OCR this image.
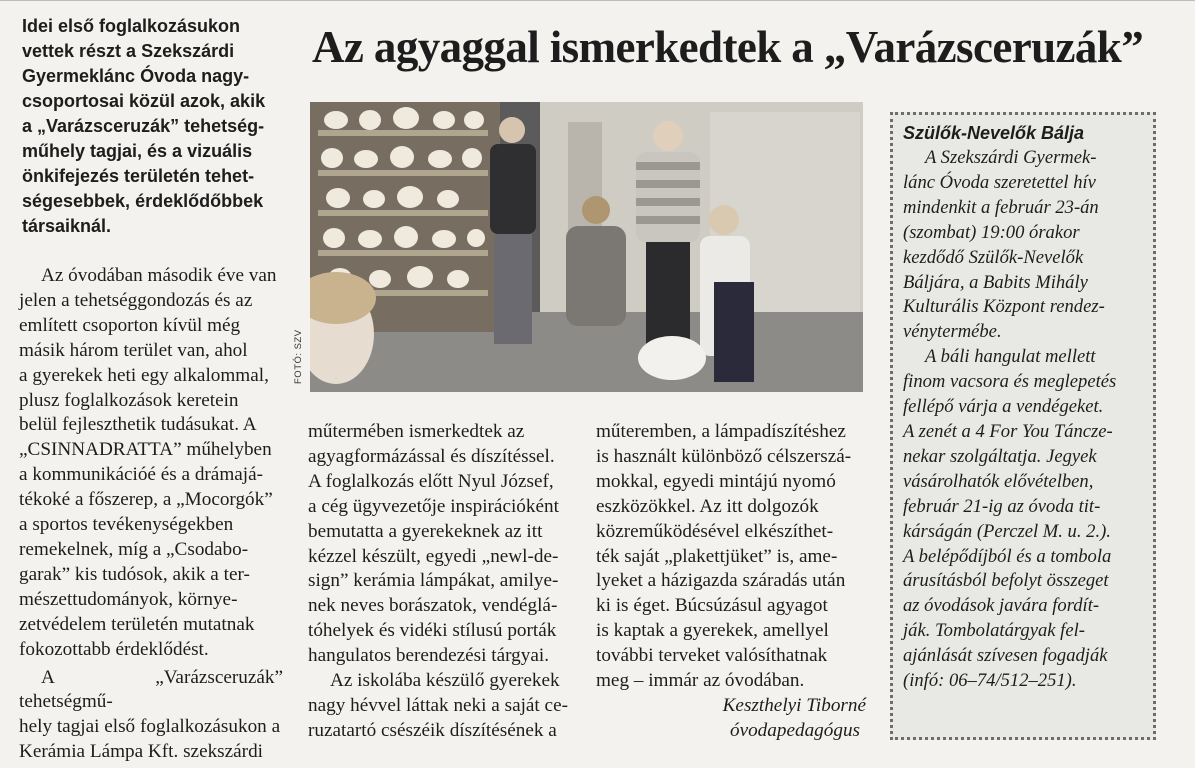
Idei első foglalkozásukon
vettek részt a Szekszárdi
Gyermeklánc Óvoda nagy-
csoportosai közül azok, akik
a „Varázsceruzák” tehetség-
műhely tagjai, és a vizuális
önkifejezés területén tehet-
ségesebbek, érdeklődőbbek
társaiknál.
Az agyaggal ismerkedtek a „Varázsceruzák”
FOTÓ: SZV

Az óvodában második éve van
jelen a tehetséggondozás és az
említett csoporton kívül még
másik három terület van, ahol
a gyerekek heti egy alkalommal,
plusz foglalkozások keretein
belül fejleszthetik tudásukat. A
„CSINNADRATTA” műhelyben
a kommunikációé és a drámajá-
tékoké a főszerep, a „Mocorgók”
a sportos tevékenységekben
remekelnek, míg a „Csodabo-
garak” kis tudósok, akik a ter-
mészettudományok, környe-
zetvédelem területén mutatnak
fokozottabb érdeklődést.

A „Varázsceruzák” tehetségmű-
hely tagjai első foglalkozásukon a
Kerámia Lámpa Kft. szekszárdi

műtermében ismerkedtek az
agyagformázással és díszítéssel.
A foglalkozás előtt Nyul József,
a cég ügyvezetője inspirációként
bemutatta a gyerekeknek az itt
kézzel készült, egyedi „newl-de-
sign” kerámia lámpákat, amilye-
nek neves borászatok, vendéglá-
tóhelyek és vidéki stílusú porták
hangulatos berendezési tárgyai.

Az iskolába készülő gyerekek
nagy hévvel láttak neki a saját ce-
ruzatartó csészéik díszítésének a

műteremben, a lámpadíszítéshez
is használt különböző célszerszá-
mokkal, egyedi mintájú nyomó
eszközökkel. Az itt dolgozók
közreműködésével elkészíthet-
ték saját „plakettjüket” is, ame-
lyeket a házigazda száradás után
ki is éget. Búcsúzásul agyagot
is kaptak a gyerekek, amellyel
további terveket valósíthatnak
meg – immár az óvodában.

Keszthelyi Tiborné
óvodapedagógus
Szülők-Nevelők Bálja

A Szekszárdi Gyermek-
lánc Óvoda szeretettel hív
mindenkit a február 23-án
(szombat) 19:00 órakor
kezdődő Szülők-Nevelők
Báljára, a Babits Mihály
Kulturális Központ rendez-
vénytermébe.

A báli hangulat mellett
finom vacsora és meglepetés
fellépő várja a vendégeket.
A zenét a 4 For You Táncze-
nekar szolgáltatja. Jegyek
vásárolhatók elővételben,
február 21-ig az óvoda tit-
kárságán (Perczel M. u. 2.).
A belépődíjból és a tombola
árusításból befolyt összeget
az óvodások javára fordít-
ják. Tombolatárgyak fel-
ajánlását szívesen fogadják
(infó: 06–74/512–251).
